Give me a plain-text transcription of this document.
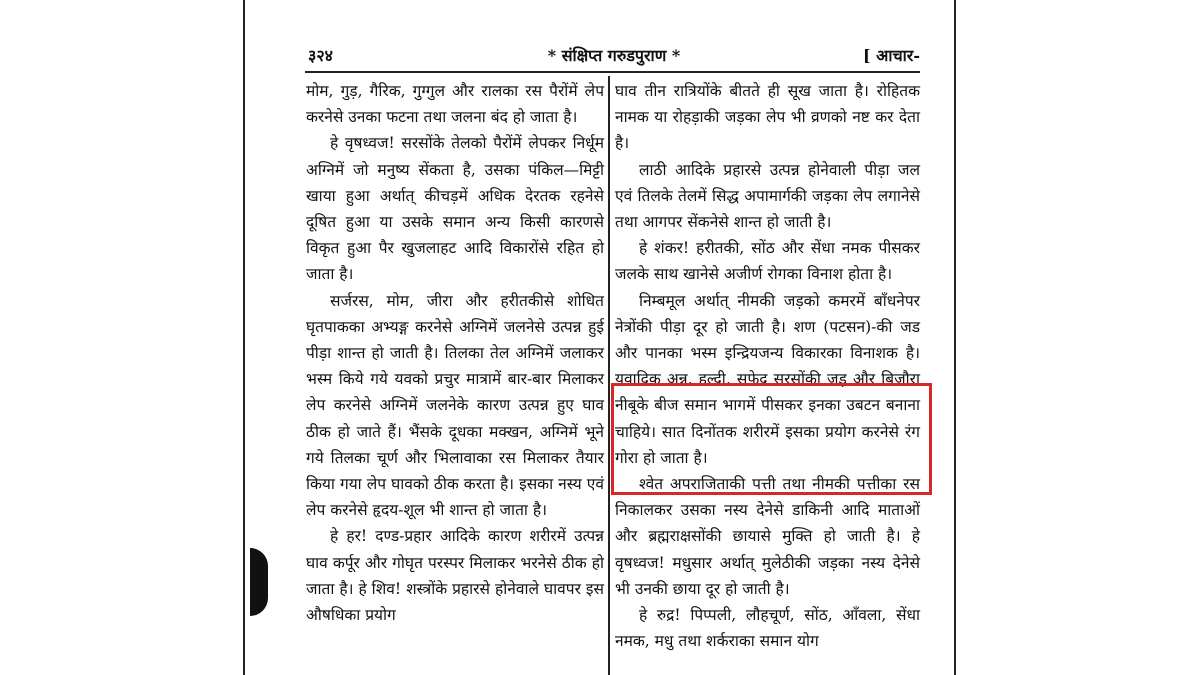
३२४	* संक्षिप्त गरुडपुराण *	[ आचार-

मोम, गुड़, गैरिक, गुग्गुल और रालका रस पैरोंमें लेप करनेसे उनका फटना तथा जलना बंद हो जाता है।

हे वृषध्वज! सरसोंके तेलको पैरोंमें लेपकर निर्धूम अग्निमें जो मनुष्य सेंकता है, उसका पंकिल—मिट्टी खाया हुआ अर्थात् कीचड़में अधिक देरतक रहनेसे दूषित हुआ या उसके समान अन्य किसी कारणसे विकृत हुआ पैर खुजलाहट आदि विकारोंसे रहित हो जाता है।

सर्जरस, मोम, जीरा और हरीतकीसे शोधित घृतपाकका अभ्यङ्ग करनेसे अग्निमें जलनेसे उत्पन्न हुई पीड़ा शान्त हो जाती है। तिलका तेल अग्निमें जलाकर भस्म किये गये यवको प्रचुर मात्रामें बार-बार मिलाकर लेप करनेसे अग्निमें जलनेके कारण उत्पन्न हुए घाव ठीक हो जाते हैं। भैंसके दूधका मक्खन, अग्निमें भूने गये तिलका चूर्ण और भिलावाका रस मिलाकर तैयार किया गया लेप घावको ठीक करता है। इसका नस्य एवं लेप करनेसे हृदय-शूल भी शान्त हो जाता है।

हे हर! दण्ड-प्रहार आदिके कारण शरीरमें उत्पन्न घाव कर्पूर और गोघृत परस्पर मिलाकर भरनेसे ठीक हो जाता है। हे शिव! शस्त्रोंके प्रहारसे होनेवाले घावपर इस औषधिका प्रयोग

घाव तीन रात्रियोंके बीतते ही सूख जाता है। रोहितक नामक या रोहड़ाकी जड़का लेप भी व्रणको नष्ट कर देता है।

लाठी आदिके प्रहारसे उत्पन्न होनेवाली पीड़ा जल एवं तिलके तेलमें सिद्ध अपामार्गकी जड़का लेप लगानेसे तथा आगपर सेंकनेसे शान्त हो जाती है।

हे शंकर! हरीतकी, सोंठ और सेंधा नमक पीसकर जलके साथ खानेसे अजीर्ण रोगका विनाश होता है।

निम्बमूल अर्थात् नीमकी जड़को कमरमें बाँधनेपर नेत्रोंकी पीड़ा दूर हो जाती है। शण (पटसन)-की जड और पानका भस्म इन्द्रियजन्य विकारका विनाशक है। यवादिक अन्न, हल्दी, सफेद सरसोंकी जड़ और बिजौरा नीबूके बीज समान भागमें पीसकर इनका उबटन बनाना चाहिये। सात दिनोंतक शरीरमें इसका प्रयोग करनेसे रंग गोरा हो जाता है।

श्वेत अपराजिताकी पत्ती तथा नीमकी पत्तीका रस निकालकर उसका नस्य देनेसे डाकिनी आदि माताओं और ब्रह्मराक्षसोंकी छायासे मुक्ति हो जाती है। हे वृषध्वज! मधुसार अर्थात् मुलेठीकी जड़का नस्य देनेसे भी उनकी छाया दूर हो जाती है।

हे रुद्र! पिप्पली, लौहचूर्ण, सोंठ, आँवला, सेंधा नमक, मधु तथा शर्कराका समान योग
